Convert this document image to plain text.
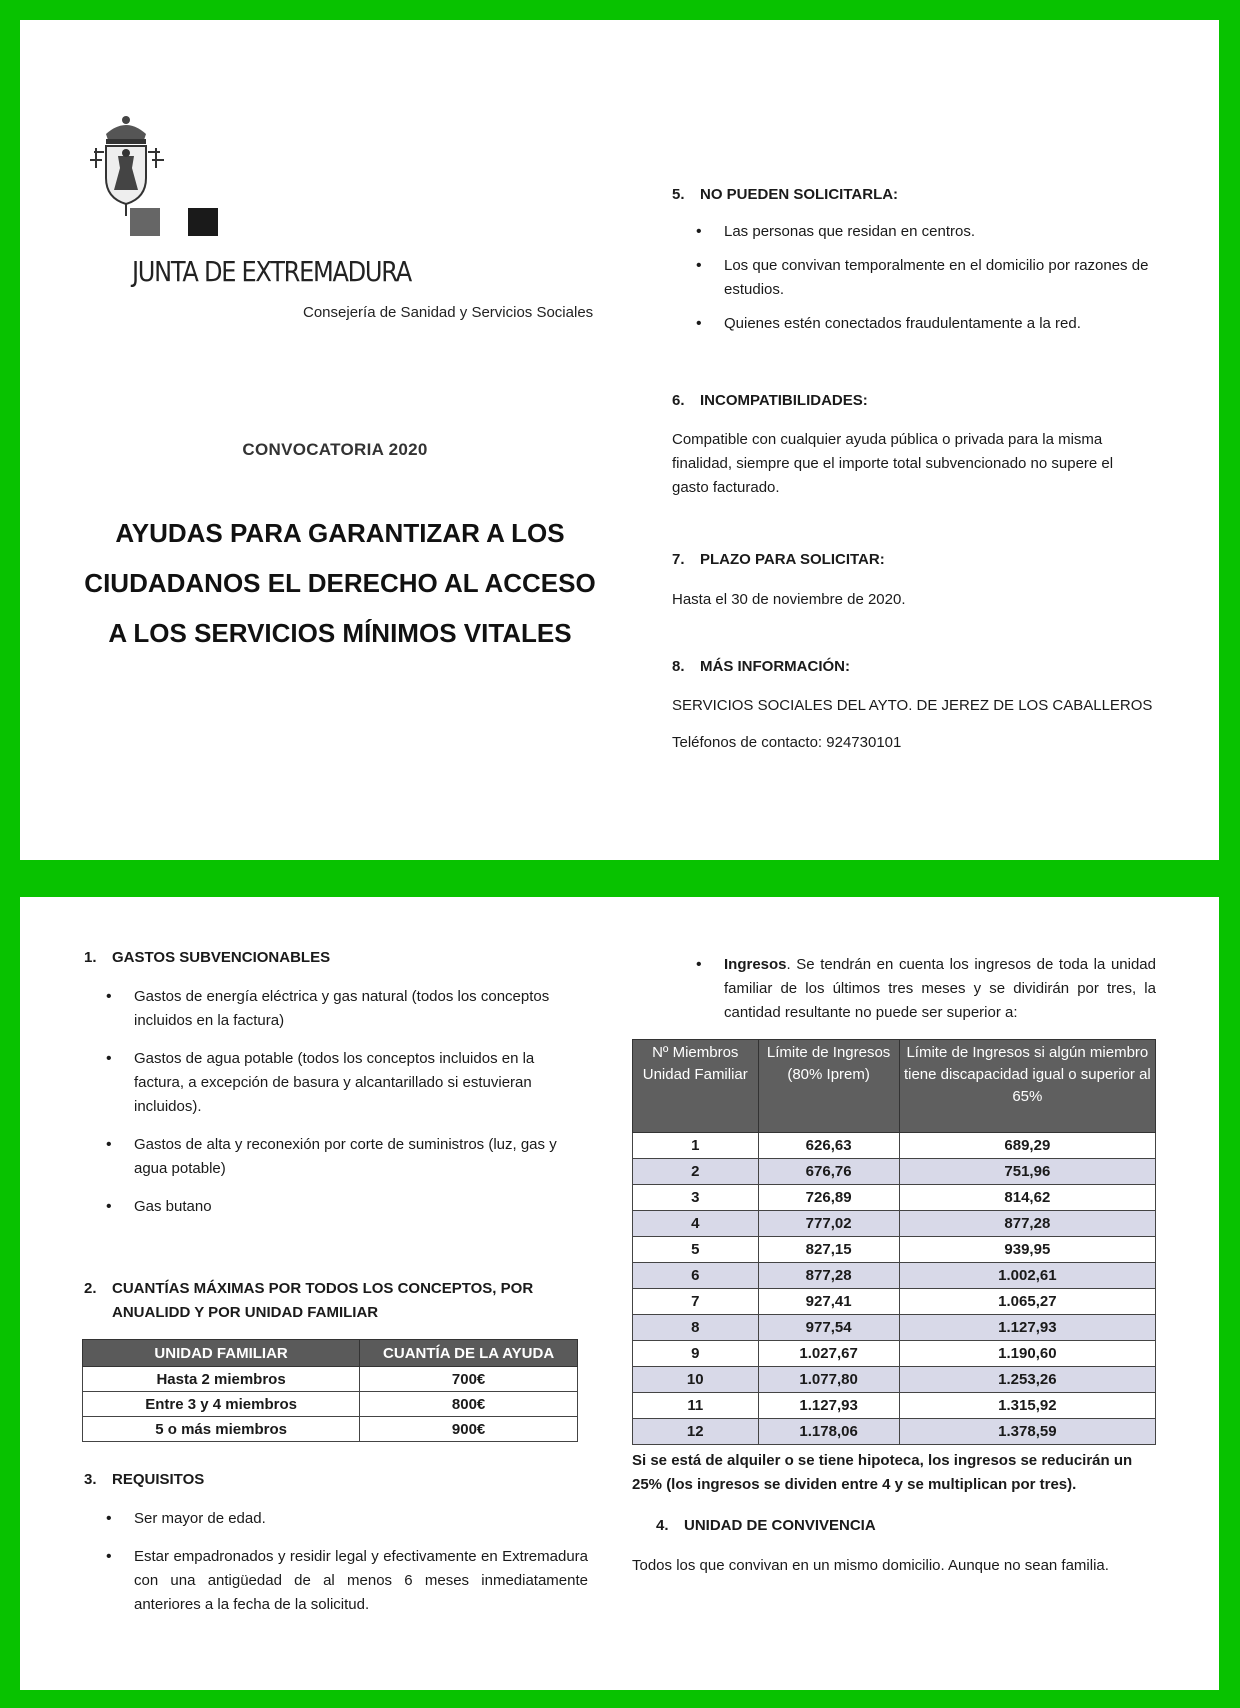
JUNTA DE EXTREMADURA
Consejería de Sanidad y Servicios Sociales
CONVOCATORIA 2020
AYUDAS PARA GARANTIZAR A LOS
CIUDADANOS EL DERECHO AL ACCESO
A LOS SERVICIOS MÍNIMOS VITALES
5. NO PUEDEN SOLICITARLA:
• Las personas que residan en centros.
• Los que convivan temporalmente en el domicilio por razones de estudios.
• Quienes estén conectados fraudulentamente a la red.
6. INCOMPATIBILIDADES:
Compatible con cualquier ayuda pública o privada para la misma finalidad, siempre que el importe total subvencionado no supere el gasto facturado.
7. PLAZO PARA SOLICITAR:
Hasta el 30 de noviembre de 2020.
8. MÁS INFORMACIÓN:
SERVICIOS SOCIALES DEL AYTO. DE JEREZ DE LOS CABALLEROS
Teléfonos de contacto: 924730101
1. GASTOS SUBVENCIONABLES
• Gastos de energía eléctrica y gas natural (todos los conceptos incluidos en la factura)
• Gastos de agua potable (todos los conceptos incluidos en la factura, a excepción de basura y alcantarillado si estuvieran incluidos).
• Gastos de alta y reconexión por corte de suministros (luz, gas y agua potable)
• Gas butano
2. CUANTÍAS MÁXIMAS POR TODOS LOS CONCEPTOS, POR
ANUALIDD Y POR UNIDAD FAMILIAR
UNIDAD FAMILIAR	CUANTÍA DE LA AYUDA
Hasta 2 miembros	700€
Entre 3 y 4 miembros	800€
5 o más miembros	900€
3. REQUISITOS
• Ser mayor de edad.
• Estar empadronados y residir legal y efectivamente en Extremadura con una antigüedad de al menos 6 meses inmediatamente anteriores a la fecha de la solicitud.
• Ingresos. Se tendrán en cuenta los ingresos de toda la unidad familiar de los últimos tres meses y se dividirán por tres, la cantidad resultante no puede ser superior a:
Nº Miembros Unidad Familiar	Límite de Ingresos (80% Iprem)	Límite de Ingresos si algún miembro tiene discapacidad igual o superior al 65%
1	626,63	689,29
2	676,76	751,96
3	726,89	814,62
4	777,02	877,28
5	827,15	939,95
6	877,28	1.002,61
7	927,41	1.065,27
8	977,54	1.127,93
9	1.027,67	1.190,60
10	1.077,80	1.253,26
11	1.127,93	1.315,92
12	1.178,06	1.378,59
Si se está de alquiler o se tiene hipoteca, los ingresos se reducirán un 25% (los ingresos se dividen entre 4 y se multiplican por tres).
4. UNIDAD DE CONVIVENCIA
Todos los que convivan en un mismo domicilio. Aunque no sean familia.
